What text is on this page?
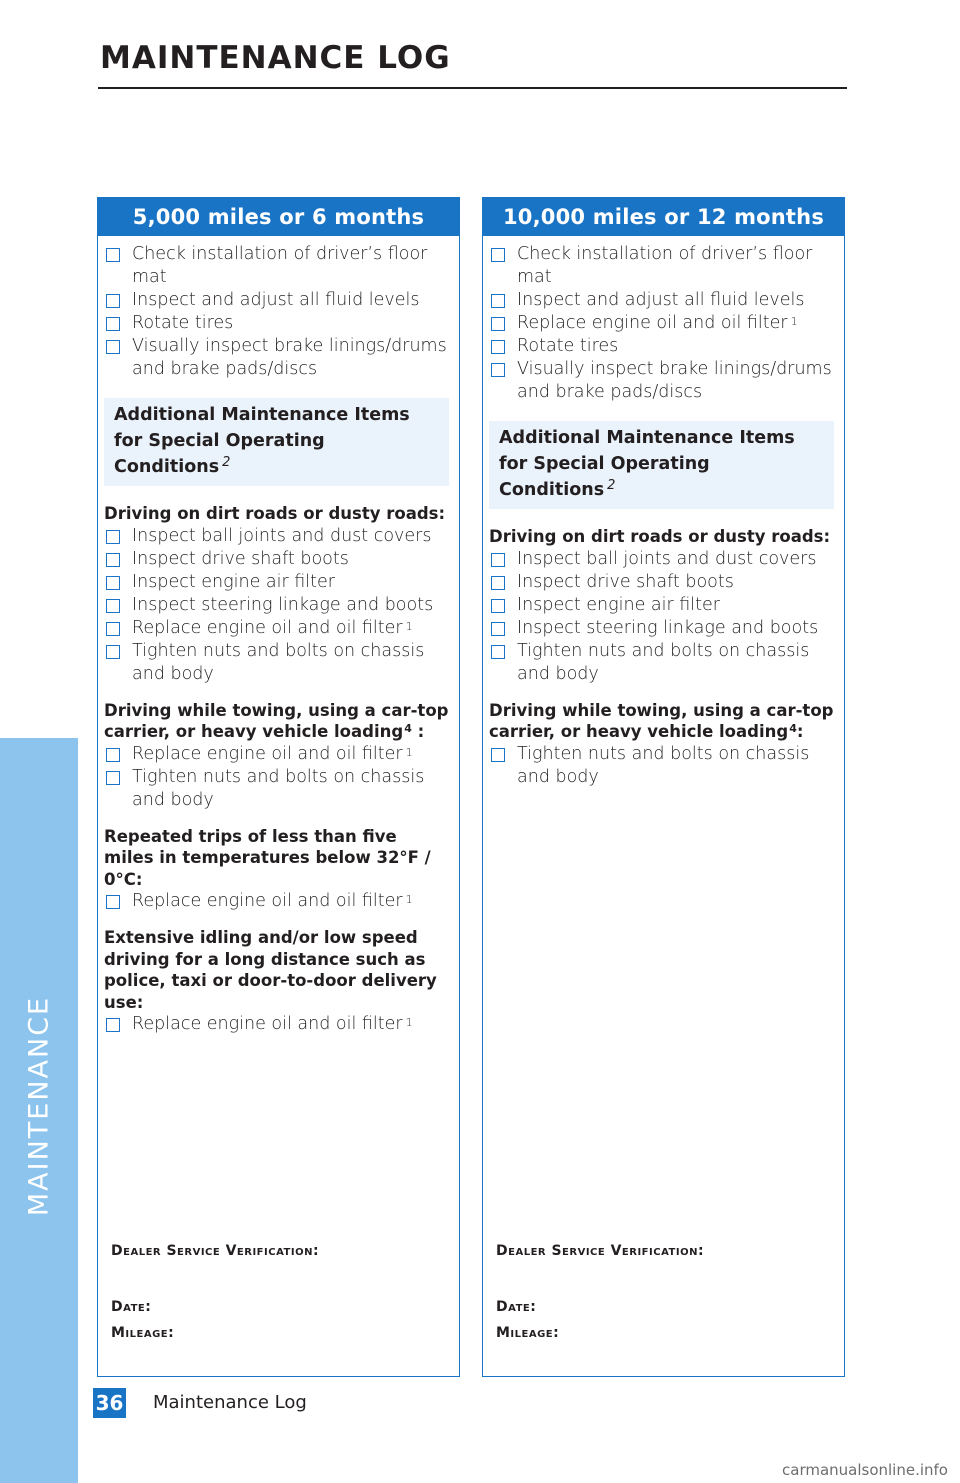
MAINTENANCE LOG
MAINTENANCE
5,000 miles or 6 months
Check installation of driver’s floor mat
Inspect and adjust all fluid levels
Rotate tires
Visually inspect brake linings/drums and brake pads/discs
Additional Maintenance Items for Special Operating Conditions $^2$
Driving on dirt roads or dusty roads:
Inspect ball joints and dust covers
Inspect drive shaft boots
Inspect engine air filter
Inspect steering linkage and boots
Replace engine oil and oil filter $^1$
Tighten nuts and bolts on chassis and body
Driving while towing, using a car-top carrier, or heavy vehicle loading$^4$ :
Replace engine oil and oil filter $^1$
Tighten nuts and bolts on chassis and body
Repeated trips of less than five miles in temperatures below 32°F / 0°C:
Replace engine oil and oil filter $^1$
Extensive idling and/or low speed driving for a long distance such as police, taxi or door-to-door delivery use:
Replace engine oil and oil filter $^1$
Dealer Service Verification:
Date:
Mileage:
10,000 miles or 12 months
Check installation of driver’s floor mat
Inspect and adjust all fluid levels
Replace engine oil and oil filter $^1$
Rotate tires
Visually inspect brake linings/drums and brake pads/discs
Additional Maintenance Items for Special Operating Conditions $^2$
Driving on dirt roads or dusty roads:
Inspect ball joints and dust covers
Inspect drive shaft boots
Inspect engine air filter
Inspect steering linkage and boots
Tighten nuts and bolts on chassis and body
Driving while towing, using a car-top carrier, or heavy vehicle loading$^4$:
Tighten nuts and bolts on chassis and body
Dealer Service Verification:
Date:
Mileage:
36 Maintenance Log
carmanualsonline.info
